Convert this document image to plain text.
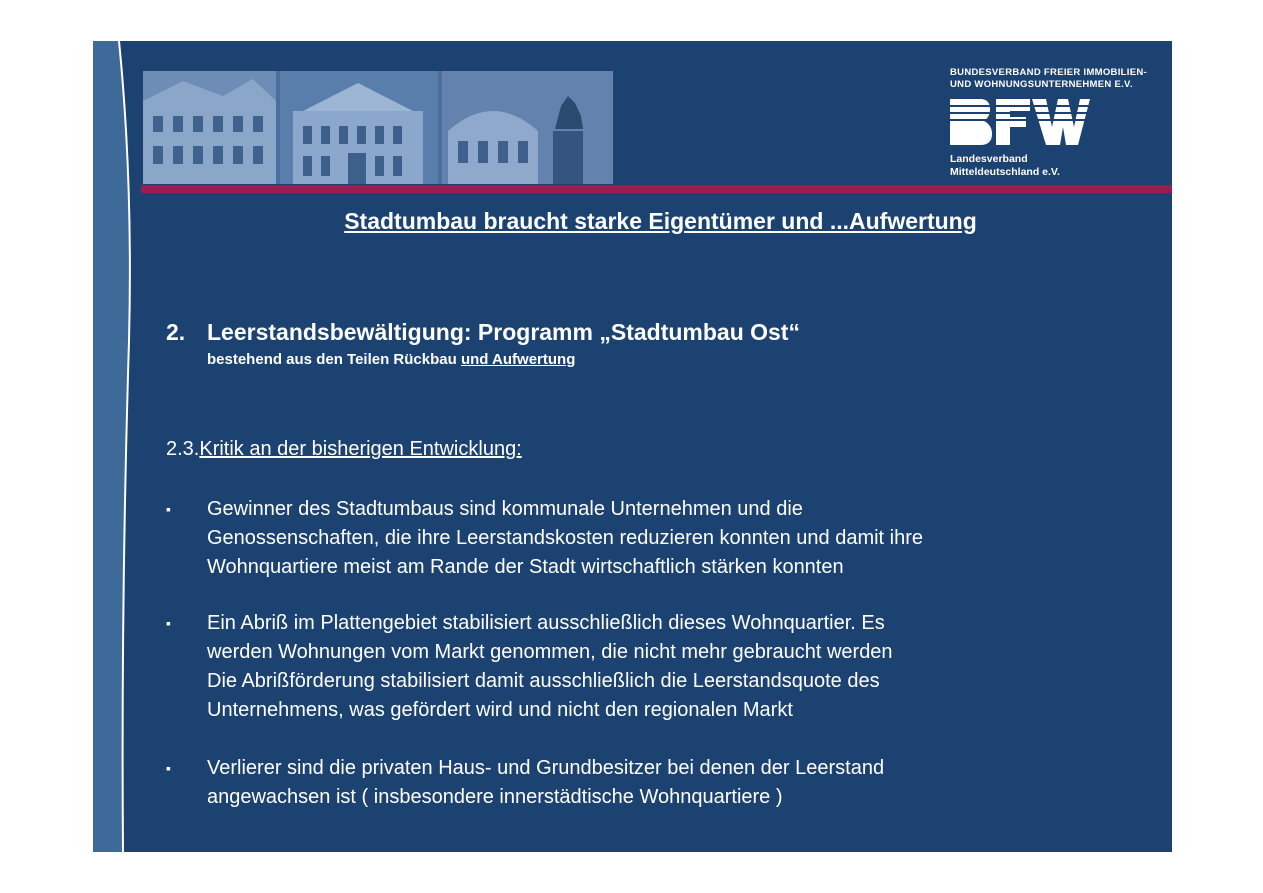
BUNDESVERBAND FREIER IMMOBILIEN-
UND WOHNUNGSUNTERNEHMEN E.V.
Landesverband
Mitteldeutschland e.V.
Stadtumbau braucht starke Eigentümer und ...Aufwertung
2. Leerstandsbewältigung: Programm „Stadtumbau Ost“
bestehend aus den Teilen Rückbau und Aufwertung
2.3.Kritik an der bisherigen Entwicklung:
▪	Gewinner des Stadtumbaus sind kommunale Unternehmen und die
Genossenschaften, die ihre Leerstandskosten reduzieren konnten und damit ihre
Wohnquartiere meist am Rande der Stadt wirtschaftlich stärken konnten
▪	Ein Abriß im Plattengebiet stabilisiert ausschließlich dieses Wohnquartier. Es
werden Wohnungen vom Markt genommen, die nicht mehr gebraucht werden
Die Abrißförderung stabilisiert damit ausschließlich die Leerstandsquote des
Unternehmens, was gefördert wird und nicht den regionalen Markt
▪	Verlierer sind die privaten Haus- und Grundbesitzer bei denen der Leerstand
angewachsen ist ( insbesondere innerstädtische Wohnquartiere )
